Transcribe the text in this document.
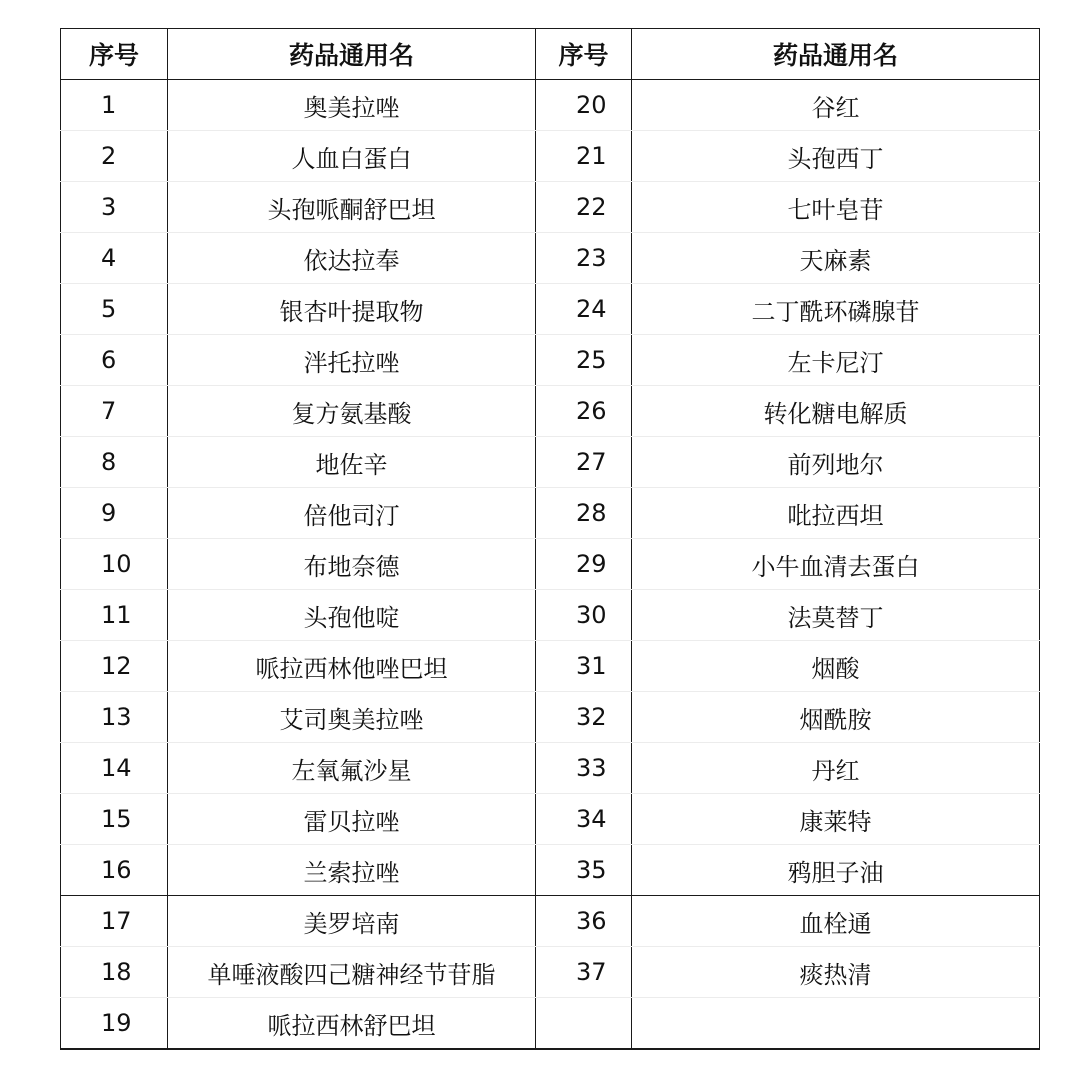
序号	药品通用名	序号	药品通用名
1	奥美拉唑	20	谷红
2	人血白蛋白	21	头孢西丁
3	头孢哌酮舒巴坦	22	七叶皂苷
4	依达拉奉	23	天麻素
5	银杏叶提取物	24	二丁酰环磷腺苷
6	泮托拉唑	25	左卡尼汀
7	复方氨基酸	26	转化糖电解质
8	地佐辛	27	前列地尔
9	倍他司汀	28	吡拉西坦
10	布地奈德	29	小牛血清去蛋白
11	头孢他啶	30	法莫替丁
12	哌拉西林他唑巴坦	31	烟酸
13	艾司奥美拉唑	32	烟酰胺
14	左氧氟沙星	33	丹红
15	雷贝拉唑	34	康莱特
16	兰索拉唑	35	鸦胆子油
17	美罗培南	36	血栓通
18	单唾液酸四己糖神经节苷脂	37	痰热清
19	哌拉西林舒巴坦		
